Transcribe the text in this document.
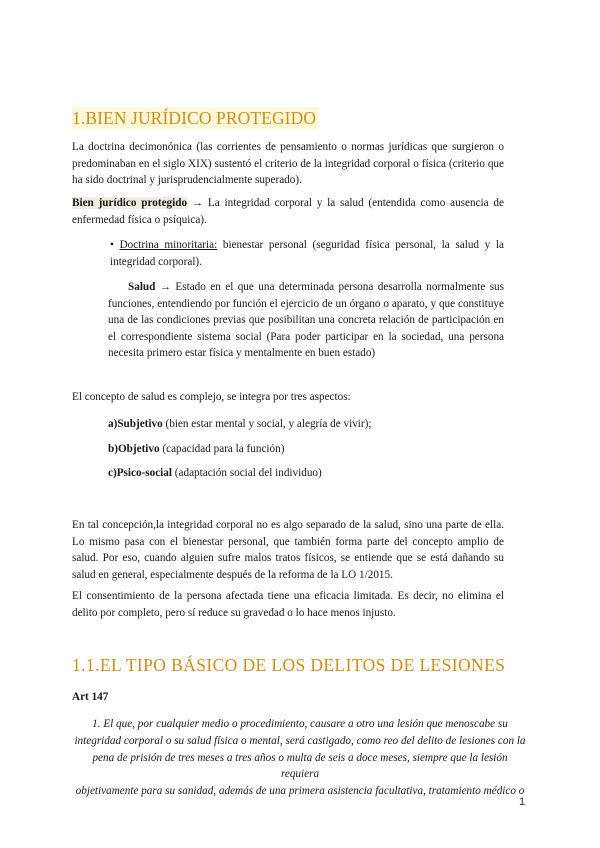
1.BIEN JURÍDICO PROTEGIDO

La doctrina decimonónica (las corrientes de pensamiento o normas jurídicas que surgieron o predominaban en el siglo XIX) sustentó el criterio de la integridad corporal o física (criterio que ha sido doctrinal y jurisprudencialmente superado).

Bien jurídico protegido → La integridad corporal y la salud (entendida como ausencia de enfermedad física o psíquica).

• Doctrina minoritaria: bienestar personal (seguridad física personal, la salud y la integridad corporal).

Salud → Estado en el que una determinada persona desarrolla normalmente sus funciones, entendiendo por función el ejercicio de un órgano o aparato, y que constituye una de las condiciones previas que posibilitan una concreta relación de participación en el correspondiente sistema social (Para poder participar en la sociedad, una persona necesita primero estar física y mentalmente en buen estado)

El concepto de salud es complejo, se integra por tres aspectos:

a)Subjetivo (bien estar mental y social, y alegría de vivir);

b)Objetivo (capacidad para la función)

c)Psico-social (adaptación social del individuo)

En tal concepción,la integridad corporal no es algo separado de la salud, sino una parte de ella. Lo mismo pasa con el bienestar personal, que también forma parte del concepto amplio de salud. Por eso, cuando alguien sufre malos tratos físicos, se entiende que se está dañando su salud en general, especialmente después de la reforma de la LO 1/2015.

El consentimiento de la persona afectada tiene una eficacia limitada. Es decir, no elimina el delito por completo, pero sí reduce su gravedad o lo hace menos injusto.

1.1.EL TIPO BÁSICO DE LOS DELITOS DE LESIONES

Art 147

1. El que, por cualquier medio o procedimiento, causare a otro una lesión que menoscabe su
integridad corporal o su salud física o mental, será castigado, como reo del delito de lesiones con la
pena de prisión de tres meses a tres años o multa de seis a doce meses, siempre que la lesión requiera
objetivamente para su sanidad, además de una primera asistencia facultativa, tratamiento médico o
1
